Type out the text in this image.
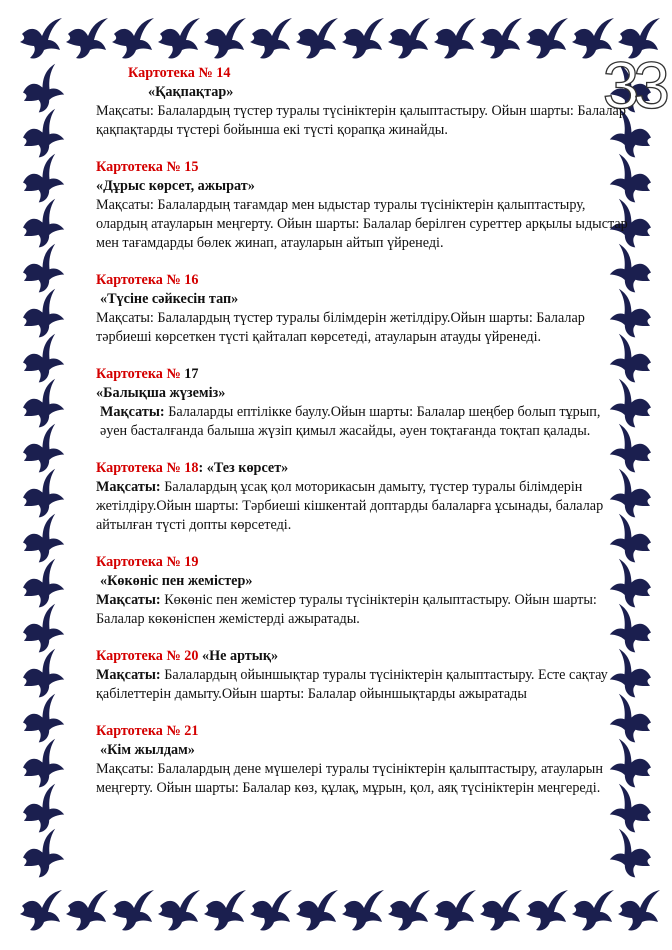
33
Картотека № 14
«Қақпақтар»

Мақсаты: Балалардың түстер туралы түсініктерін қалыптастыру. Ойын шарты: Балалар қақпақтарды түстері бойынша екі түсті қорапқа жинайды.

Картотека № 15
«Дұрыс көрсет, ажырат»

Мақсаты: Балалардың тағамдар мен ыдыстар туралы түсініктерін қалыптастыру, олардың атауларын меңгерту. Ойын шарты: Балалар берілген суреттер арқылы ыдыстар мен тағамдарды бөлек жинап, атауларын айтып үйренеді.

Картотека № 16
«Түсіне сәйкесін тап»

Мақсаты: Балалардың түстер туралы білімдерін жетілдіру.Ойын шарты: Балалар тәрбиеші көрсеткен түсті қайталап көрсетеді, атауларын атауды үйренеді.

Картотека № 17
«Балықша жүземіз»

Мақсаты: Балаларды ептілікке баулу.Ойын шарты: Балалар шеңбер болып тұрып, әуен басталғанда балыша жүзіп қимыл жасайды, әуен тоқтағанда тоқтап қалады.

Картотека № 18: «Тез көрсет»

Мақсаты: Балалардың ұсақ қол моторикасын дамыту, түстер туралы білімдерін жетілдіру.Ойын шарты: Тәрбиеші кішкентай доптарды балаларға ұсынады, балалар айтылған түсті допты көрсетеді.

Картотека № 19
«Көкөніс пен жемістер»

Мақсаты: Көкөніс пен жемістер туралы түсініктерін қалыптастыру. Ойын шарты: Балалар көкөніспен жемістерді ажыратады.

Картотека № 20 «Не артық»

Мақсаты: Балалардың ойыншықтар туралы түсініктерін қалыптастыру. Есте сақтау қабілеттерін дамыту.Ойын шарты: Балалар ойыншықтарды ажыратады

Картотека № 21
«Кім жылдам»

Мақсаты: Балалардың дене мүшелері туралы түсініктерін қалыптастыру, атауларын меңгерту. Ойын шарты: Балалар көз, құлақ, мұрын, қол, аяқ түсініктерін меңгереді.
